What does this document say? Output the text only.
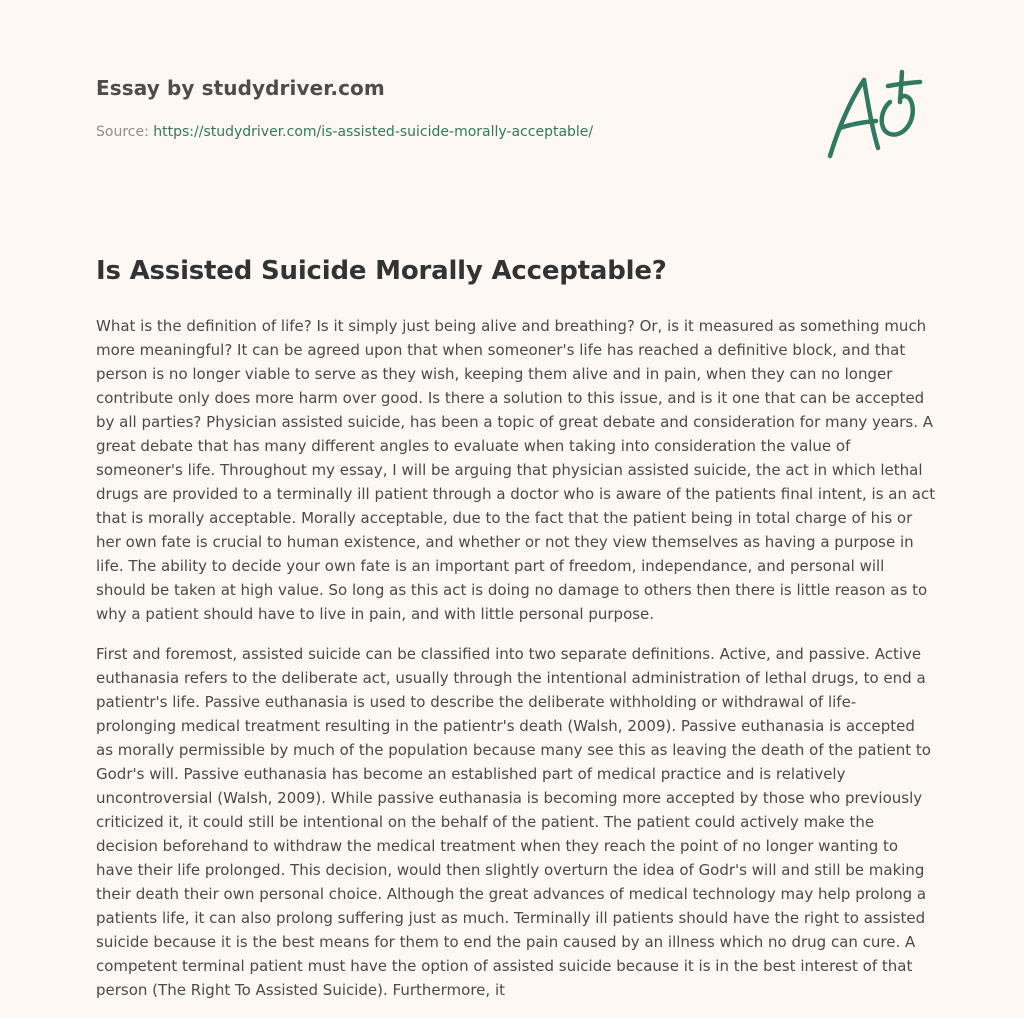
Essay by studydriver.com
Source: https://studydriver.com/is-assisted-suicide-morally-acceptable/
Is Assisted Suicide Morally Acceptable?

What is the definition of life? Is it simply just being alive and breathing? Or, is it measured as something much more meaningful? It can be agreed upon that when someoner's life has reached a definitive block, and that person is no longer viable to serve as they wish, keeping them alive and in pain, when they can no longer contribute only does more harm over good. Is there a solution to this issue, and is it one that can be accepted by all parties? Physician assisted suicide, has been a topic of great debate and consideration for many years. A great debate that has many different angles to evaluate when taking into consideration the value of someoner's life. Throughout my essay, I will be arguing that physician assisted suicide, the act in which lethal drugs are provided to a terminally ill patient through a doctor who is aware of the patients final intent, is an act that is morally acceptable. Morally acceptable, due to the fact that the patient being in total charge of his or her own fate is crucial to human existence, and whether or not they view themselves as having a purpose in life. The ability to decide your own fate is an important part of freedom, independance, and personal will should be taken at high value. So long as this act is doing no damage to others then there is little reason as to why a patient should have to live in pain, and with little personal purpose.

First and foremost, assisted suicide can be classified into two separate definitions. Active, and passive. Active euthanasia refers to the deliberate act, usually through the intentional administration of lethal drugs, to end a patientr's life. Passive euthanasia is used to describe the deliberate withholding or withdrawal of life- prolonging medical treatment resulting in the patientr's death (Walsh, 2009). Passive euthanasia is accepted as morally permissible by much of the population because many see this as leaving the death of the patient to Godr's will. Passive euthanasia has become an established part of medical practice and is relatively uncontroversial (Walsh, 2009). While passive euthanasia is becoming more accepted by those who previously criticized it, it could still be intentional on the behalf of the patient. The patient could actively make the decision beforehand to withdraw the medical treatment when they reach the point of no longer wanting to have their life prolonged. This decision, would then slightly overturn the idea of Godr's will and still be making their death their own personal choice. Although the great advances of medical technology may help prolong a patients life, it can also prolong suffering just as much. Terminally ill patients should have the right to assisted suicide because it is the best means for them to end the pain caused by an illness which no drug can cure. A competent terminal patient must have the option of assisted suicide because it is in the best interest of that person (The Right To Assisted Suicide). Furthermore, it
